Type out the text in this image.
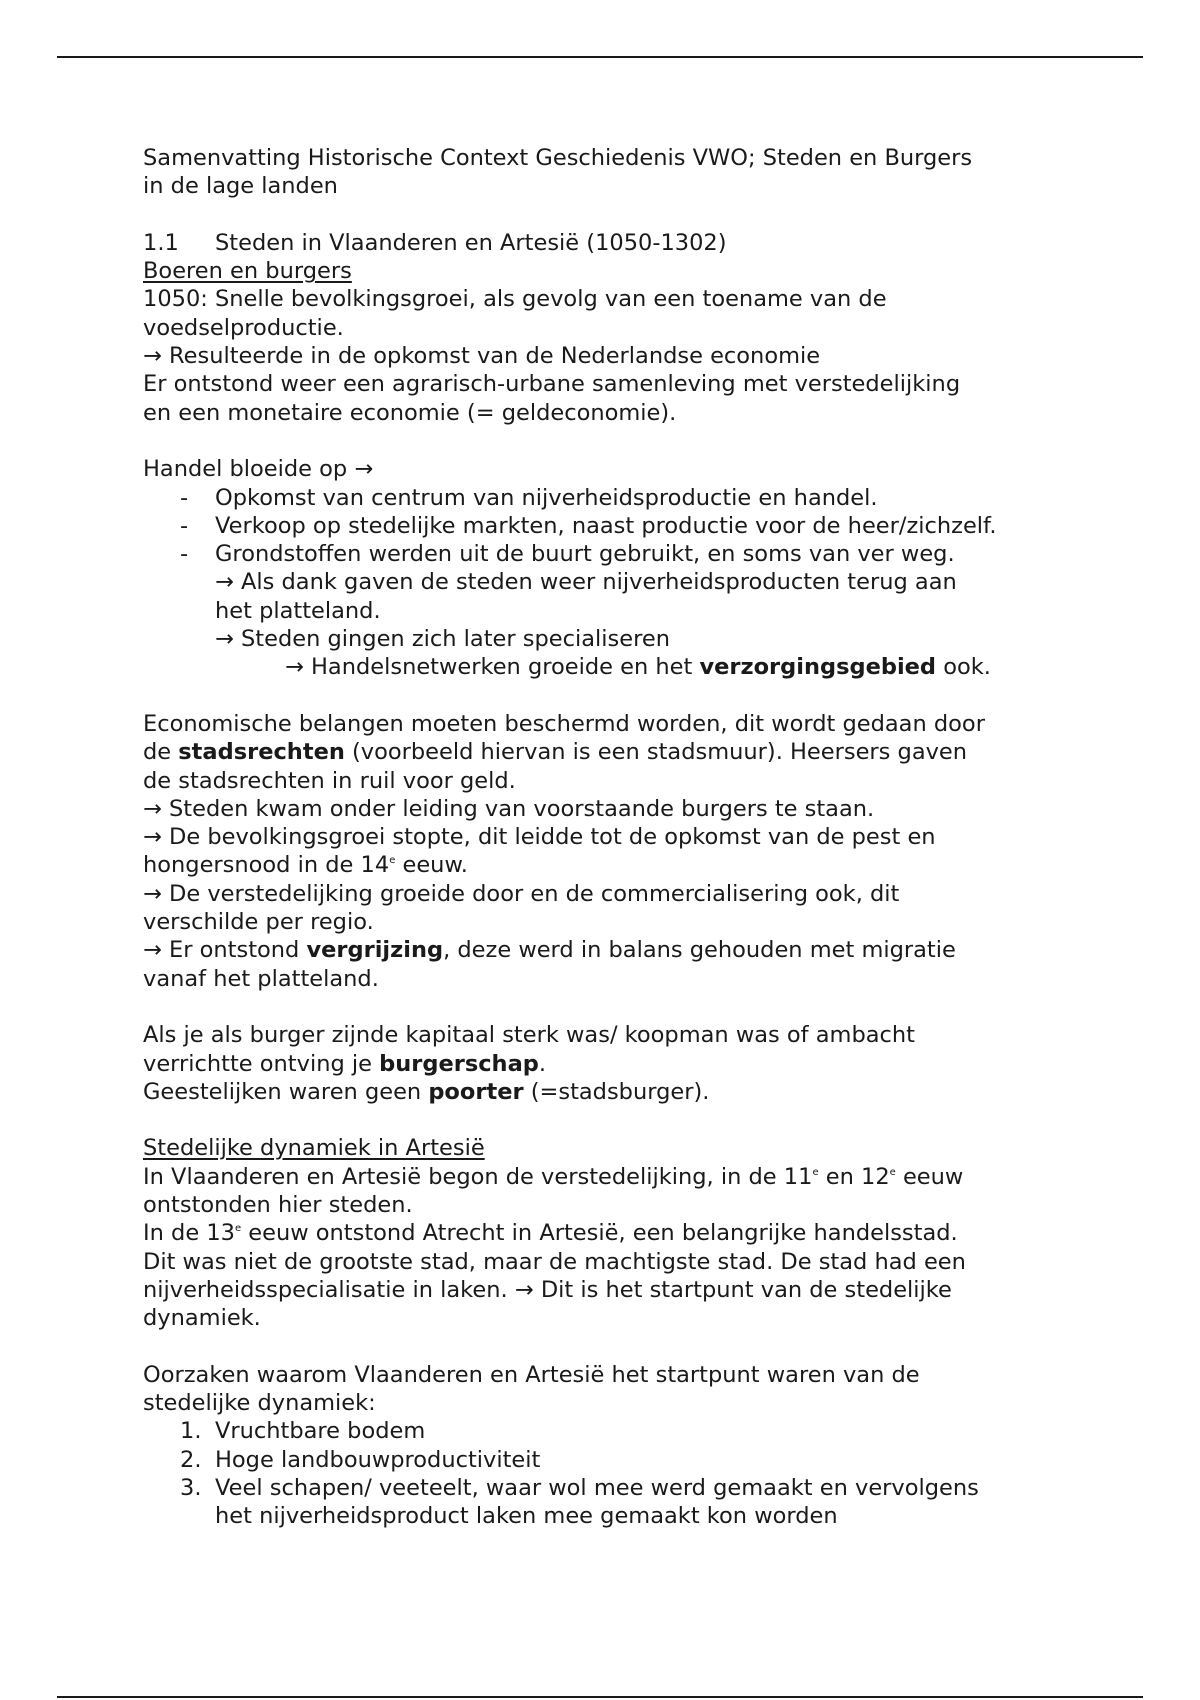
Samenvatting Historische Context Geschiedenis VWO; Steden en Burgers
in de lage landen
1.1 Steden in Vlaanderen en Artesië (1050-1302)
Boeren en burgers
1050: Snelle bevolkingsgroei, als gevolg van een toename van de
voedselproductie.
→ Resulteerde in de opkomst van de Nederlandse economie
Er ontstond weer een agrarisch-urbane samenleving met verstedelijking
en een monetaire economie (= geldeconomie).
Handel bloeide op →
- Opkomst van centrum van nijverheidsproductie en handel.
- Verkoop op stedelijke markten, naast productie voor de heer/zichzelf.
- Grondstoffen werden uit de buurt gebruikt, en soms van ver weg.
→ Als dank gaven de steden weer nijverheidsproducten terug aan
het platteland.
→ Steden gingen zich later specialiseren
→ Handelsnetwerken groeide en het verzorgingsgebied ook.
Economische belangen moeten beschermd worden, dit wordt gedaan door
de stadsrechten (voorbeeld hiervan is een stadsmuur). Heersers gaven
de stadsrechten in ruil voor geld.
→ Steden kwam onder leiding van voorstaande burgers te staan.
→ De bevolkingsgroei stopte, dit leidde tot de opkomst van de pest en
hongersnood in de 14e eeuw.
→ De verstedelijking groeide door en de commercialisering ook, dit
verschilde per regio.
→ Er ontstond vergrijzing, deze werd in balans gehouden met migratie
vanaf het platteland.
Als je als burger zijnde kapitaal sterk was/ koopman was of ambacht
verrichtte ontving je burgerschap.
Geestelijken waren geen poorter (=stadsburger).
Stedelijke dynamiek in Artesië
In Vlaanderen en Artesië begon de verstedelijking, in de 11e en 12e eeuw
ontstonden hier steden.
In de 13e eeuw ontstond Atrecht in Artesië, een belangrijke handelsstad.
Dit was niet de grootste stad, maar de machtigste stad. De stad had een
nijverheidsspecialisatie in laken. → Dit is het startpunt van de stedelijke
dynamiek.
Oorzaken waarom Vlaanderen en Artesië het startpunt waren van de
stedelijke dynamiek:
1. Vruchtbare bodem
2. Hoge landbouwproductiviteit
3. Veel schapen/ veeteelt, waar wol mee werd gemaakt en vervolgens
het nijverheidsproduct laken mee gemaakt kon worden
